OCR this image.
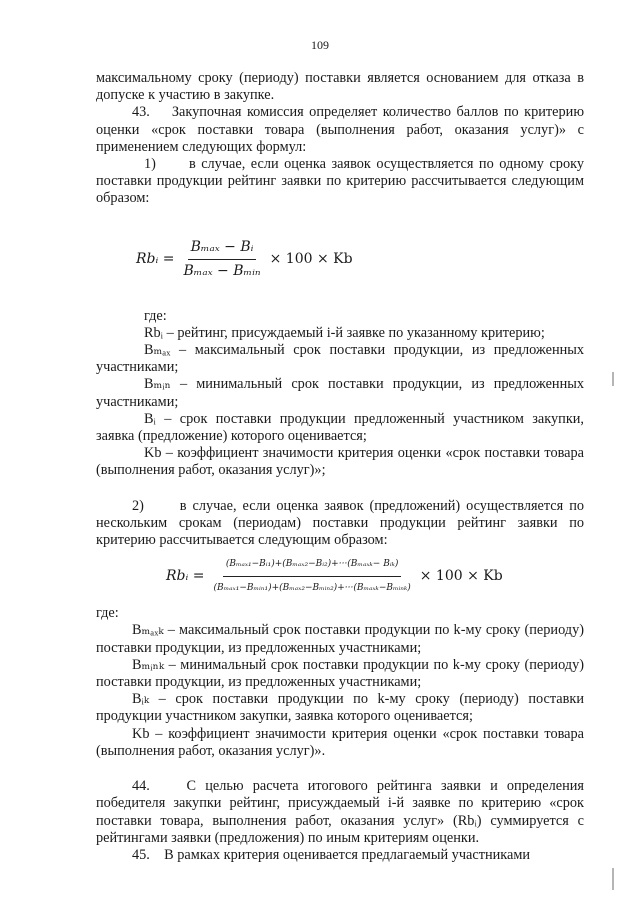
109

максимальному сроку (периоду) поставки является основанием для отказа в допуске к участию в закупке.

43.    Закупочная комиссия определяет количество баллов по критерию оценки «срок поставки товара (выполнения работ, оказания услуг)» с применением следующих формул:

1)      в случае, если оценка заявок осуществляется по одному сроку поставки продукции рейтинг заявки по критерию рассчитывается следующим образом:

Rbᵢ = $\frac{\text{Bₘₐₓ − Bᵢ}}{\text{Bₘₐₓ − Bₘᵢₙ}} \times 100 \times Kb$

где:

Rbᵢ – рейтинг, присуждаемый i-й заявке по указанному критерию;

Bₘₐₓ – максимальный срок поставки продукции, из предложенных участниками;

Bₘᵢₙ – минимальный срок поставки продукции, из предложенных участниками;

Bᵢ – срок поставки продукции предложенный участником закупки, заявка (предложение) которого оценивается;

Kb – коэффициент значимости критерия оценки «срок поставки товара (выполнения работ, оказания услуг)»;

2)      в случае, если оценка заявок (предложений) осуществляется по нескольким срокам (периодам) поставки продукции рейтинг заявки по критерию рассчитывается следующим образом:

Rbᵢ = $\frac{\text{(Bₘₐₓ₁−Bᵢ₁)+(Bₘₐₓ₂−Bᵢ₂)+···(Bₘₐₓₖ− Bᵢₖ)}}{\text{(Bₘₐₓ₁−Bₘᵢₙ₁)+(Bₘₐₓ₂−Bₘᵢₙ₂)+···(Bₘₐₓₖ−Bₘᵢₙₖ)}} \times 100 \times Kb$

где:

Bₘₐₓₖ – максимальный срок поставки продукции по k-му сроку (периоду) поставки продукции, из предложенных участниками;

Bₘᵢₙₖ – минимальный срок поставки продукции по k-му сроку (периоду) поставки продукции, из предложенных участниками;

Bᵢₖ – срок поставки продукции по k-му сроку (периоду) поставки продукции участником закупки, заявка которого оценивается;

Kb – коэффициент значимости критерия оценки «срок поставки товара (выполнения работ, оказания услуг)».

44.    С целью расчета итогового рейтинга заявки и определения победителя закупки рейтинг, присуждаемый i-й заявке по критерию «срок поставки товара, выполнения работ, оказания услуг» (Rbᵢ) суммируется с рейтингами заявки (предложения) по иным критериям оценки.

45.    В рамках критерия оценивается предлагаемый участниками
